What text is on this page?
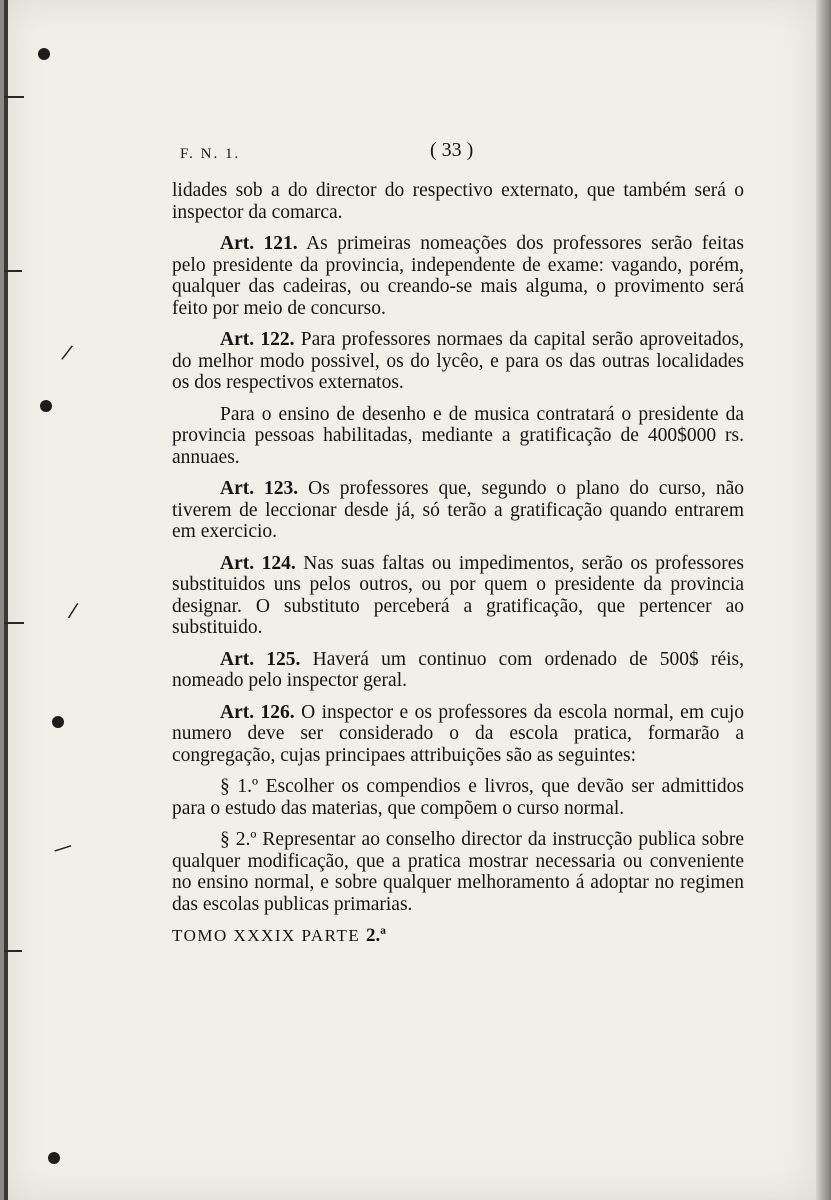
/
/
/
F. N. 1.	( 33 )

lidades sob a do director do respectivo externato, que também será o inspector da comarca.

Art. 121. As primeiras nomeações dos professores serão feitas pelo presidente da provincia, independente de exame: vagando, porém, qualquer das cadeiras, ou creando-se mais alguma, o provimento será feito por meio de concurso.

Art. 122. Para professores normaes da capital serão aproveitados, do melhor modo possivel, os do lycêo, e para os das outras localidades os dos respectivos externatos.

Para o ensino de desenho e de musica contratará o presidente da provincia pessoas habilitadas, mediante a gratificação de 400$000 rs. annuaes.

Art. 123. Os professores que, segundo o plano do curso, não tiverem de leccionar desde já, só terão a gratificação quando entrarem em exercicio.

Art. 124. Nas suas faltas ou impedimentos, serão os professores substituidos uns pelos outros, ou por quem o presidente da provincia designar. O substituto perceberá a gratificação, que pertencer ao substituido.

Art. 125. Haverá um continuo com ordenado de 500$ réis, nomeado pelo inspector geral.

Art. 126. O inspector e os professores da escola normal, em cujo numero deve ser considerado o da escola pratica, formarão a congregação, cujas principaes attribuições são as seguintes:

§ 1.º Escolher os compendios e livros, que devão ser admittidos para o estudo das materias, que compõem o curso normal.

§ 2.º Representar ao conselho director da instrucção publica sobre qualquer modificação, que a pratica mostrar necessaria ou conveniente no ensino normal, e sobre qualquer melhoramento á adoptar no regimen das escolas publicas primarias.

TOMO XXXIX PARTE 2.ª
